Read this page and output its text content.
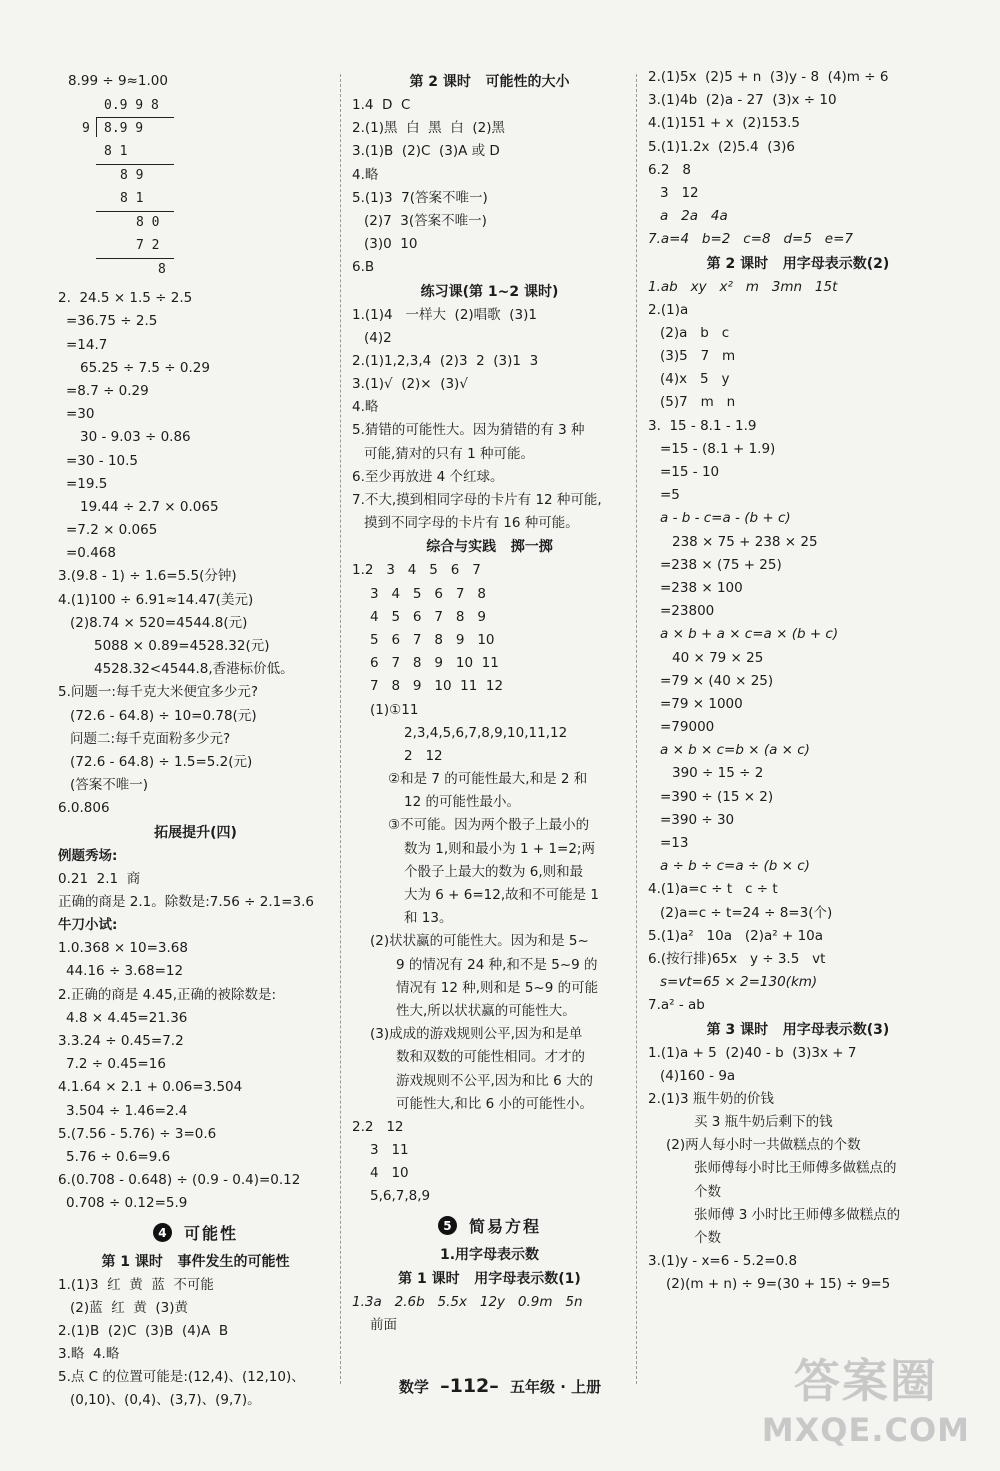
8.99 ÷ 9≈1.00
0.9 9 8
9 8.9 9
8 1
8 9
8 1
8 0
7 2
8
2.  24.5 × 1.5 ÷ 2.5
=36.75 ÷ 2.5
=14.7
65.25 ÷ 7.5 ÷ 0.29
=8.7 ÷ 0.29
=30
30 - 9.03 ÷ 0.86
=30 - 10.5
=19.5
19.44 ÷ 2.7 × 0.065
=7.2 × 0.065
=0.468
3.(9.8 - 1) ÷ 1.6=5.5(分钟)
4.(1)100 ÷ 6.91≈14.47(美元)
(2)8.74 × 520=4544.8(元)
5088 × 0.89=4528.32(元)
4528.32<4544.8,香港标价低。
5.问题一:每千克大米便宜多少元?
(72.6 - 64.8) ÷ 10=0.78(元)
问题二:每千克面粉多少元?
(72.6 - 64.8) ÷ 1.5=5.2(元)
(答案不唯一)
6.0.806
拓展提升(四)
例题秀场:
0.21  2.1  商
正确的商是 2.1。除数是:7.56 ÷ 2.1=3.6
牛刀小试:
1.0.368 × 10=3.68
44.16 ÷ 3.68=12
2.正确的商是 4.45,正确的被除数是:
4.8 × 4.45=21.36
3.3.24 ÷ 0.45=7.2
7.2 ÷ 0.45=16
4.1.64 × 2.1 + 0.06=3.504
3.504 ÷ 1.46=2.4
5.(7.56 - 5.76) ÷ 3=0.6
5.76 ÷ 0.6=9.6
6.(0.708 - 0.648) ÷ (0.9 - 0.4)=0.12
0.708 ÷ 0.12=5.9
4	可能性
第 1 课时   事件发生的可能性
1.(1)3  红  黄  蓝  不可能
(2)蓝  红  黄  (3)黄
2.(1)B  (2)C  (3)B  (4)A  B
3.略  4.略
5.点 C 的位置可能是:(12,4)、(12,10)、
(0,10)、(0,4)、(3,7)、(9,7)。
第 2 课时   可能性的大小
1.4  D  C
2.(1)黑  白  黑  白  (2)黑
3.(1)B  (2)C  (3)A 或 D
4.略
5.(1)3  7(答案不唯一)
(2)7  3(答案不唯一)
(3)0  10
6.B
练习课(第 1~2 课时)
1.(1)4   一样大  (2)唱歌  (3)1
(4)2
2.(1)1,2,3,4  (2)3  2  (3)1  3
3.(1)√  (2)×  (3)√
4.略
5.猜错的可能性大。因为猜错的有 3 种
可能,猜对的只有 1 种可能。
6.至少再放进 4 个红球。
7.不大,摸到相同字母的卡片有 12 种可能,
摸到不同字母的卡片有 16 种可能。
综合与实践   掷一掷
1.2   3   4   5   6   7
3   4   5   6   7   8
4   5   6   7   8   9
5   6   7   8   9   10
6   7   8   9   10  11
7   8   9   10  11  12
(1)①11
2,3,4,5,6,7,8,9,10,11,12
2   12
②和是 7 的可能性最大,和是 2 和
12 的可能性最小。
③不可能。因为两个骰子上最小的
数为 1,则和最小为 1 + 1=2;两
个骰子上最大的数为 6,则和最
大为 6 + 6=12,故和不可能是 1
和 13。
(2)状状赢的可能性大。因为和是 5~
9 的情况有 24 种,和不是 5~9 的
情况有 12 种,则和是 5~9 的可能
性大,所以状状赢的可能性大。
(3)成成的游戏规则公平,因为和是单
数和双数的可能性相同。才才的
游戏规则不公平,因为和比 6 大的
可能性大,和比 6 小的可能性小。
2.2   12
3   11
4   10
5,6,7,8,9
5	简易方程
1.用字母表示数
第 1 课时   用字母表示数(1)
1.3a   2.6b   5.5x   12y   0.9m   5n
前面
2.(1)5x  (2)5 + n  (3)y - 8  (4)m ÷ 6
3.(1)4b  (2)a - 27  (3)x ÷ 10
4.(1)151 + x  (2)153.5
5.(1)1.2x  (2)5.4  (3)6
6.2   8
3   12
a   2a   4a
7.a=4   b=2   c=8   d=5   e=7
第 2 课时   用字母表示数(2)
1.ab   xy   x²   m   3mn   15t
2.(1)a
(2)a   b   c
(3)5   7   m
(4)x   5   y
(5)7   m   n
3.  15 - 8.1 - 1.9
=15 - (8.1 + 1.9)
=15 - 10
=5
a - b - c=a - (b + c)
238 × 75 + 238 × 25
=238 × (75 + 25)
=238 × 100
=23800
a × b + a × c=a × (b + c)
40 × 79 × 25
=79 × (40 × 25)
=79 × 1000
=79000
a × b × c=b × (a × c)
390 ÷ 15 ÷ 2
=390 ÷ (15 × 2)
=390 ÷ 30
=13
a ÷ b ÷ c=a ÷ (b × c)
4.(1)a=c ÷ t   c ÷ t
(2)a=c ÷ t=24 ÷ 8=3(个)
5.(1)a²   10a   (2)a² + 10a
6.(按行排)65x   y ÷ 3.5   vt
s=vt=65 × 2=130(km)
7.a² - ab
第 3 课时   用字母表示数(3)
1.(1)a + 5  (2)40 - b  (3)3x + 7
(4)160 - 9a
2.(1)3 瓶牛奶的价钱
买 3 瓶牛奶后剩下的钱
(2)两人每小时一共做糕点的个数
张师傅每小时比王师傅多做糕点的
个数
张师傅 3 小时比王师傅多做糕点的
个数
3.(1)y - x=6 - 5.2=0.8
(2)(m + n) ÷ 9=(30 + 15) ÷ 9=5
数学 –112– 五年级 · 上册	答案圈
MXQE.COM
